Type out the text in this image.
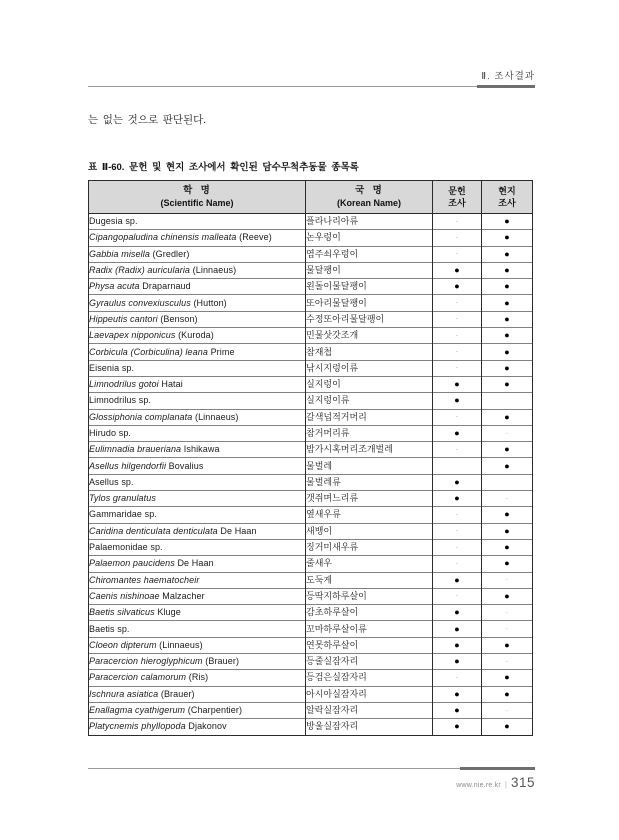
Ⅱ. 조사결과

는 없는 것으로 판단된다.

표 Ⅱ-60. 문헌 및 현지 조사에서 확인된 담수무척추동물 종목록
학  명
(Scientific Name)

국  명
(Korean Name)

문헌
조사

현지
조사

Dugesia sp.	플라나리아류	·	●
Cipangopaludina chinensis malleata (Reeve)	논우렁이	·	●
Gabbia misella (Gredler)	염주쇠우렁이	·	●
Radix (Radix) auricularia (Linnaeus)	물달팽이	●	●
Physa acuta Draparnaud	왼돌이물달팽이	●	●
Gyraulus convexiusculus (Hutton)	또아리물달팽이	·	●
Hippeutis cantori (Benson)	수정또아리물달팽이	·	●
Laevapex nipponicus (Kuroda)	민물삿갓조개	·	●
Corbicula (Corbiculina) leana Prime	참재첩	·	●
Eisenia sp.	낚시지렁이류	·	●
Limnodrilus gotoi Hatai	실지렁이	●	●
Limnodrilus sp.	실지렁이류	●	
Glossiphonia complanata (Linnaeus)	갈색넙적거머리	·	●
Hirudo sp.	참거머리류	●	·
Eulimnadia braueriana Ishikawa	밤가시혹머리조개벌레	·	●
Asellus hilgendorfii Bovalius	물벌레		●
Asellus sp.	물벌레류	●	
Tylos granulatus	갯쥐며느리류	●	·
Gammaridae sp.	옆새우류	·	●
Caridina denticulata denticulata De Haan	새뱅이	·	●
Palaemonidae sp.	징거미새우류	·	●
Palaemon paucidens De Haan	줄새우	·	●
Chiromantes haematocheir	도둑게	●	·
Caenis nishinoae Malzacher	등딱지하루살이	·	●
Baetis silvaticus Kluge	감초하루살이	●	·
Baetis sp.	꼬마하루살이류	●	·
Cloeon dipterum (Linnaeus)	연못하루살이	●	●
Paracercion hieroglyphicum (Brauer)	등줄실잠자리	●	·
Paracercion calamorum (Ris)	등검은실잠자리	·	●
Ischnura asiatica (Brauer)	아시아실잠자리	●	●
Enallagma cyathigerum (Charpentier)	알락실잠자리	●	·
Platycnemis phyllopoda Djakonov	방울실잠자리	●	●
www.nie.re.kr | 315
